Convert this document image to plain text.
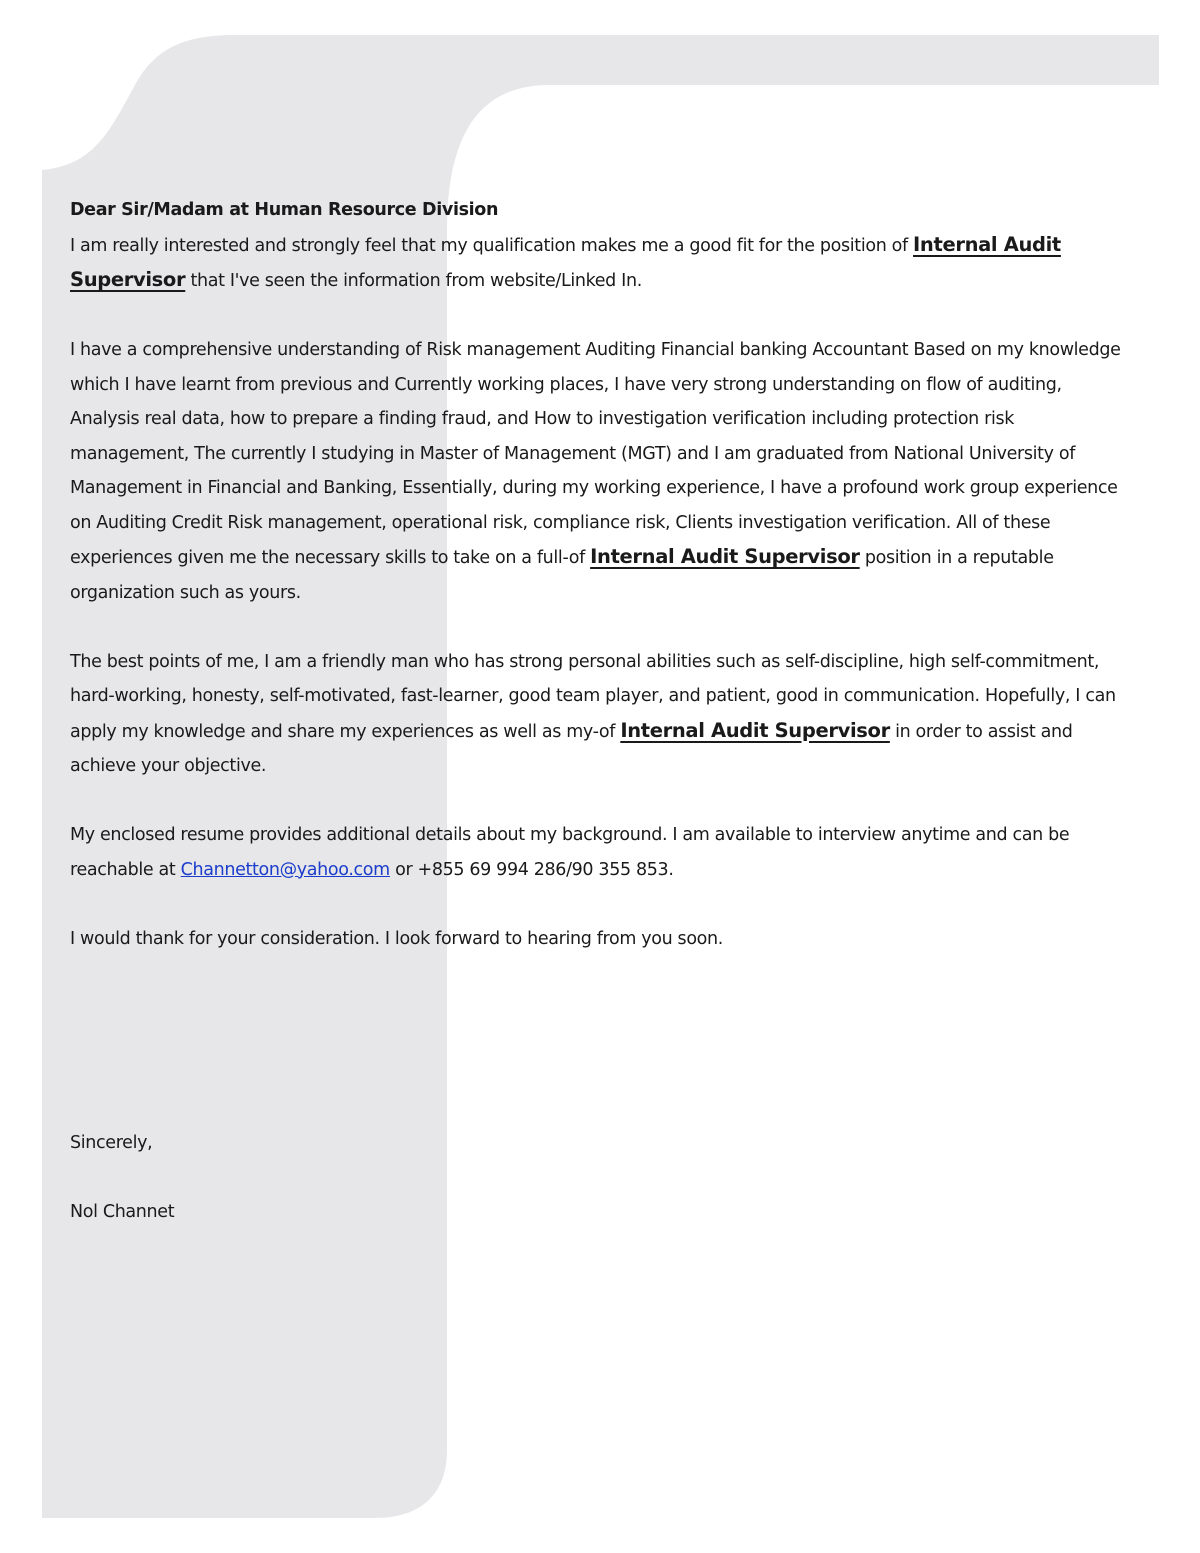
Dear Sir/Madam at Human Resource Division
I am really interested and strongly feel that my qualification makes me a good fit for the position of Internal Audit Supervisor that I've seen the information from website/Linked In.

I have a comprehensive understanding of Risk management Auditing Financial banking Accountant Based on my knowledge which I have learnt from previous and Currently working places, I have very strong understanding on flow of auditing, Analysis real data, how to prepare a finding fraud, and How to investigation verification including protection risk management, The currently I studying in Master of Management (MGT) and I am graduated from National University of Management in Financial and Banking, Essentially, during my working experience, I have a profound work group experience on Auditing Credit Risk management, operational risk, compliance risk, Clients investigation verification. All of these experiences given me the necessary skills to take on a full-of Internal Audit Supervisor position in a reputable organization such as yours.

The best points of me, I am a friendly man who has strong personal abilities such as self-discipline, high self-commitment, hard-working, honesty, self-motivated, fast-learner, good team player, and patient, good in communication. Hopefully, I can apply my knowledge and share my experiences as well as my-of Internal Audit Supervisor in order to assist and achieve your objective.

My enclosed resume provides additional details about my background. I am available to interview anytime and can be reachable at Channetton@yahoo.com or +855 69 994 286/90 355 853.

I would thank for your consideration. I look forward to hearing from you soon.

Sincerely,

Nol Channet
